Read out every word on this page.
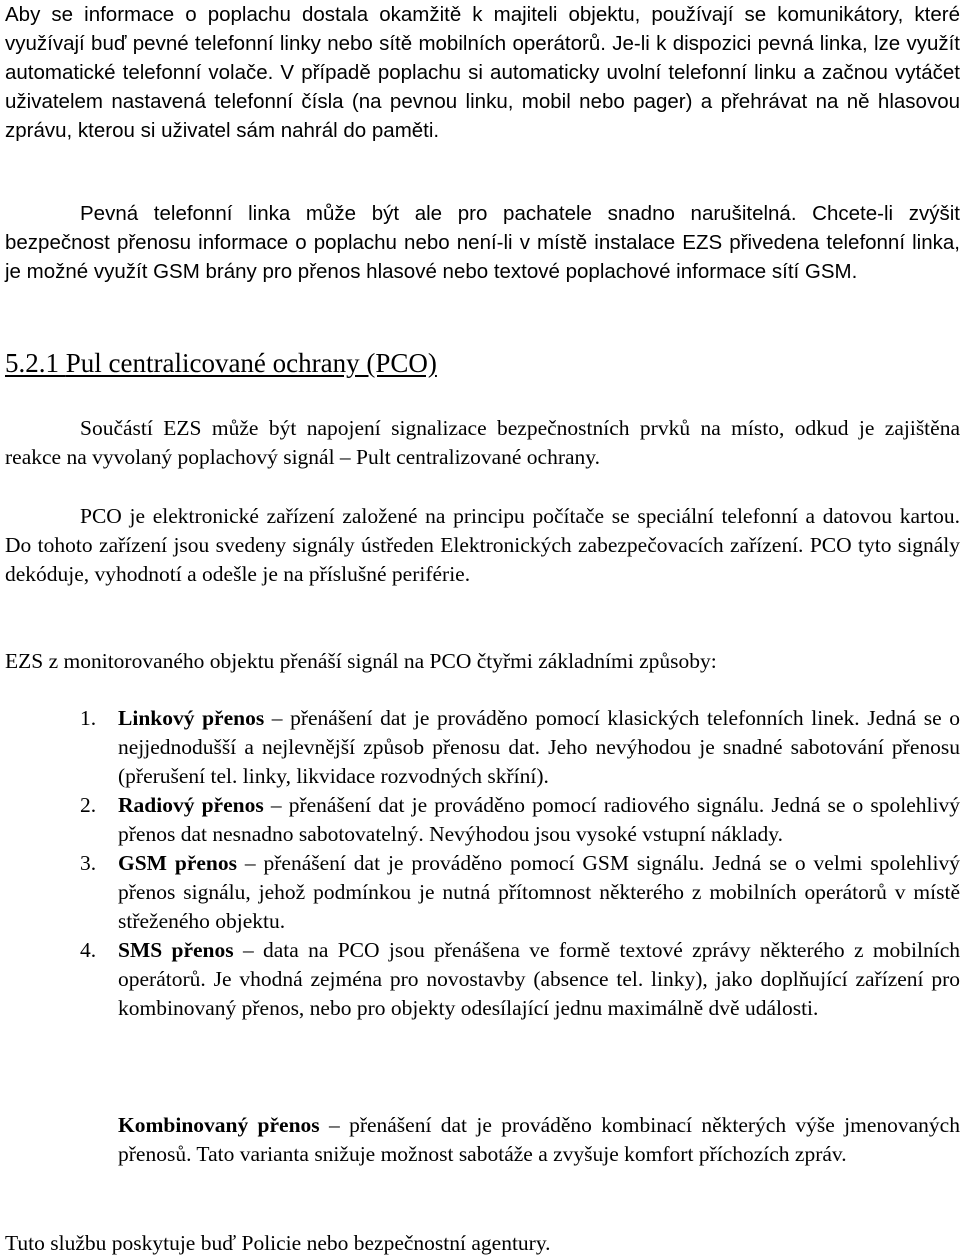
Aby se informace o poplachu dostala okamžitě k majiteli objektu, používají se komunikátory, které využívají buď pevné telefonní linky nebo sítě mobilních operátorů. Je-li k dispozici pevná linka, lze využít automatické telefonní volače. V případě poplachu si automaticky uvolní telefonní linku a začnou vytáčet uživatelem nastavená telefonní čísla (na pevnou linku, mobil nebo pager) a přehrávat na ně hlasovou zprávu, kterou si uživatel sám nahrál do paměti.

Pevná telefonní linka může být ale pro pachatele snadno narušitelná. Chcete-li zvýšit bezpečnost přenosu informace o poplachu nebo není-li v místě instalace EZS přivedena telefonní linka, je možné využít GSM brány pro přenos hlasové nebo textové poplachové informace sítí GSM.

5.2.1 Pul centralicované ochrany (PCO)

Součástí EZS může být napojení signalizace bezpečnostních prvků na místo, odkud je zajištěna reakce na vyvolaný poplachový signál – Pult centralizované ochrany.

PCO je elektronické zařízení založené na principu počítače se speciální telefonní a datovou kartou. Do tohoto zařízení jsou svedeny signály ústředen Elektronických zabezpečovacích zařízení. PCO tyto signály dekóduje, vyhodnotí a odešle je na příslušné periférie.

EZS z monitorovaného objektu přenáší signál na PCO čtyřmi základními způsoby:

1. Linkový přenos – přenášení dat je prováděno pomocí klasických telefonních linek. Jedná se o nejjednodušší a nejlevnější způsob přenosu dat. Jeho nevýhodou je snadné sabotování přenosu (přerušení tel. linky, likvidace rozvodných skříní).
2. Radiový přenos – přenášení dat je prováděno pomocí radiového signálu. Jedná se o spolehlivý přenos dat nesnadno sabotovatelný. Nevýhodou jsou vysoké vstupní náklady.
3. GSM přenos – přenášení dat je prováděno pomocí GSM signálu. Jedná se o velmi spolehlivý přenos signálu, jehož podmínkou je nutná přítomnost některého z mobilních operátorů v místě střeženého objektu.
4. SMS přenos – data na PCO jsou přenášena ve formě textové zprávy některého z mobilních operátorů. Je vhodná zejména pro novostavby (absence tel. linky), jako doplňující zařízení pro kombinovaný přenos, nebo pro objekty odesílající jednu maximálně dvě události.

Kombinovaný přenos – přenášení dat je prováděno kombinací některých výše jmenovaných přenosů. Tato varianta snižuje možnost sabotáže a zvyšuje komfort příchozích zpráv.

Tuto službu poskytuje buď Policie nebo bezpečnostní agentury.
